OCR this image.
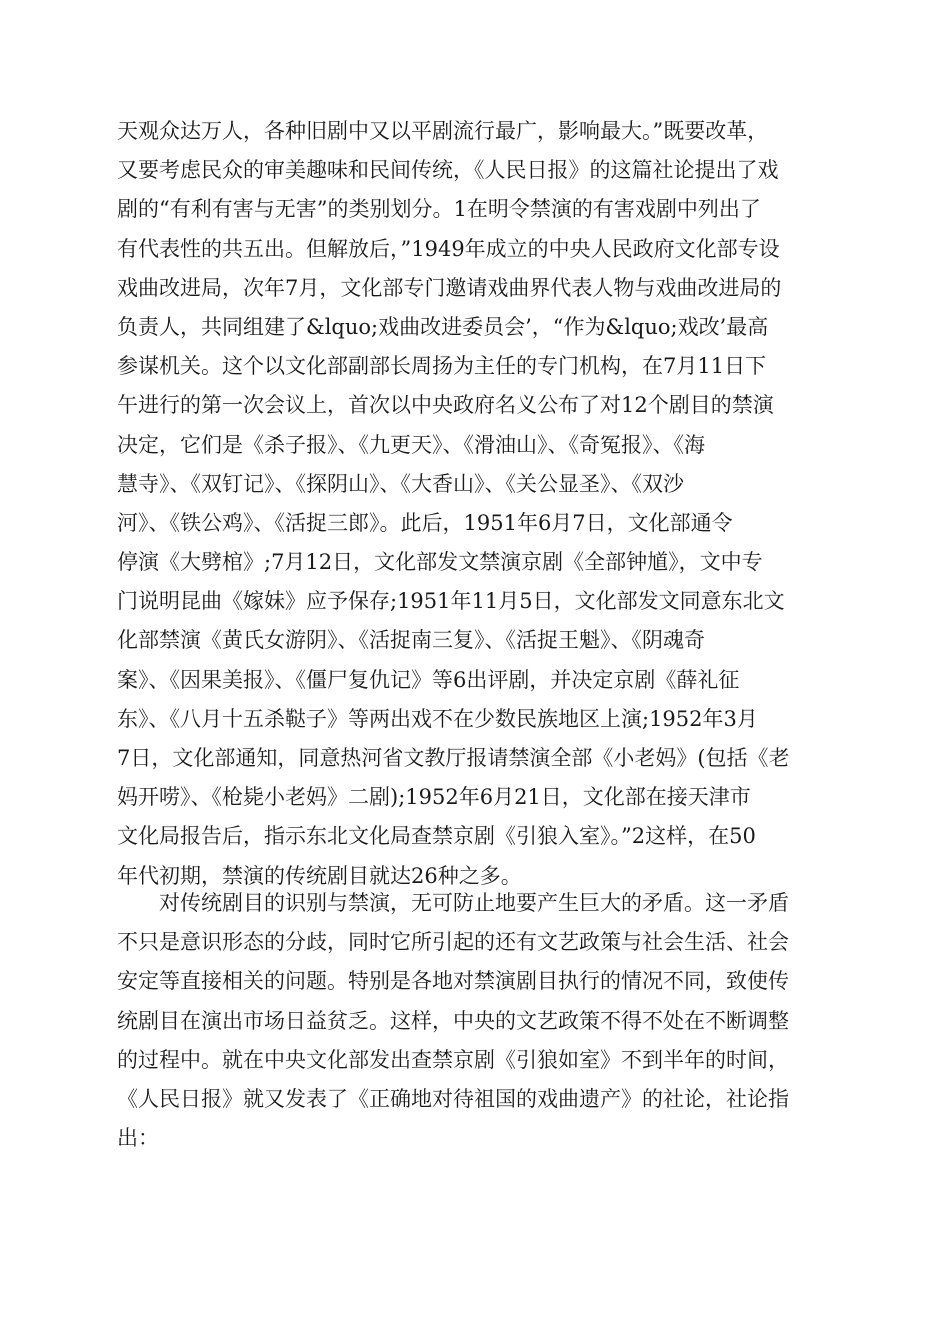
天观众达万人，各种旧剧中又以平剧流行最广，影响最大。”既要改革，
又要考虑民众的审美趣味和民间传统，《人民日报》的这篇社论提出了戏
剧的“有利有害与无害”的类别划分。1在明令禁演的有害戏剧中列出了
有代表性的共五出。但解放后，”1949年成立的中央人民政府文化部专设
戏曲改进局，次年7月，文化部专门邀请戏曲界代表人物与戏曲改进局的
负责人，共同组建了&lquo;戏曲改进委员会’，“作为&lquo;戏改’最高
参谋机关。这个以文化部副部长周扬为主任的专门机构，在7月11日下
午进行的第一次会议上，首次以中央政府名义公布了对12个剧目的禁演
决定，它们是《杀子报》、《九更天》、《滑油山》、《奇冤报》、《海
慧寺》、《双钉记》、《探阴山》、《大香山》、《关公显圣》、《双沙
河》、《铁公鸡》、《活捉三郎》。此后，1951年6月7日，文化部通令
停演《大劈棺》;7月12日，文化部发文禁演京剧《全部钟馗》，文中专
门说明昆曲《嫁妹》应予保存;1951年11月5日，文化部发文同意东北文
化部禁演《黄氏女游阴》、《活捉南三复》、《活捉王魁》、《阴魂奇
案》、《因果美报》、《僵尸复仇记》等6出评剧，并决定京剧《薛礼征
东》、《八月十五杀鞑子》等两出戏不在少数民族地区上演;1952年3月
7日，文化部通知，同意热河省文教厅报请禁演全部《小老妈》(包括《老
妈开唠》、《枪毙小老妈》二剧);1952年6月21日，文化部在接天津市
文化局报告后，指示东北文化局查禁京剧《引狼入室》。”2这样，在50
年代初期，禁演的传统剧目就达26种之多。
对传统剧目的识别与禁演，无可防止地要产生巨大的矛盾。这一矛盾
不只是意识形态的分歧，同时它所引起的还有文艺政策与社会生活、社会
安定等直接相关的问题。特别是各地对禁演剧目执行的情况不同，致使传
统剧目在演出市场日益贫乏。这样，中央的文艺政策不得不处在不断调整
的过程中。就在中央文化部发出查禁京剧《引狼如室》不到半年的时间，
《人民日报》就又发表了《正确地对待祖国的戏曲遗产》的社论，社论指
出：
